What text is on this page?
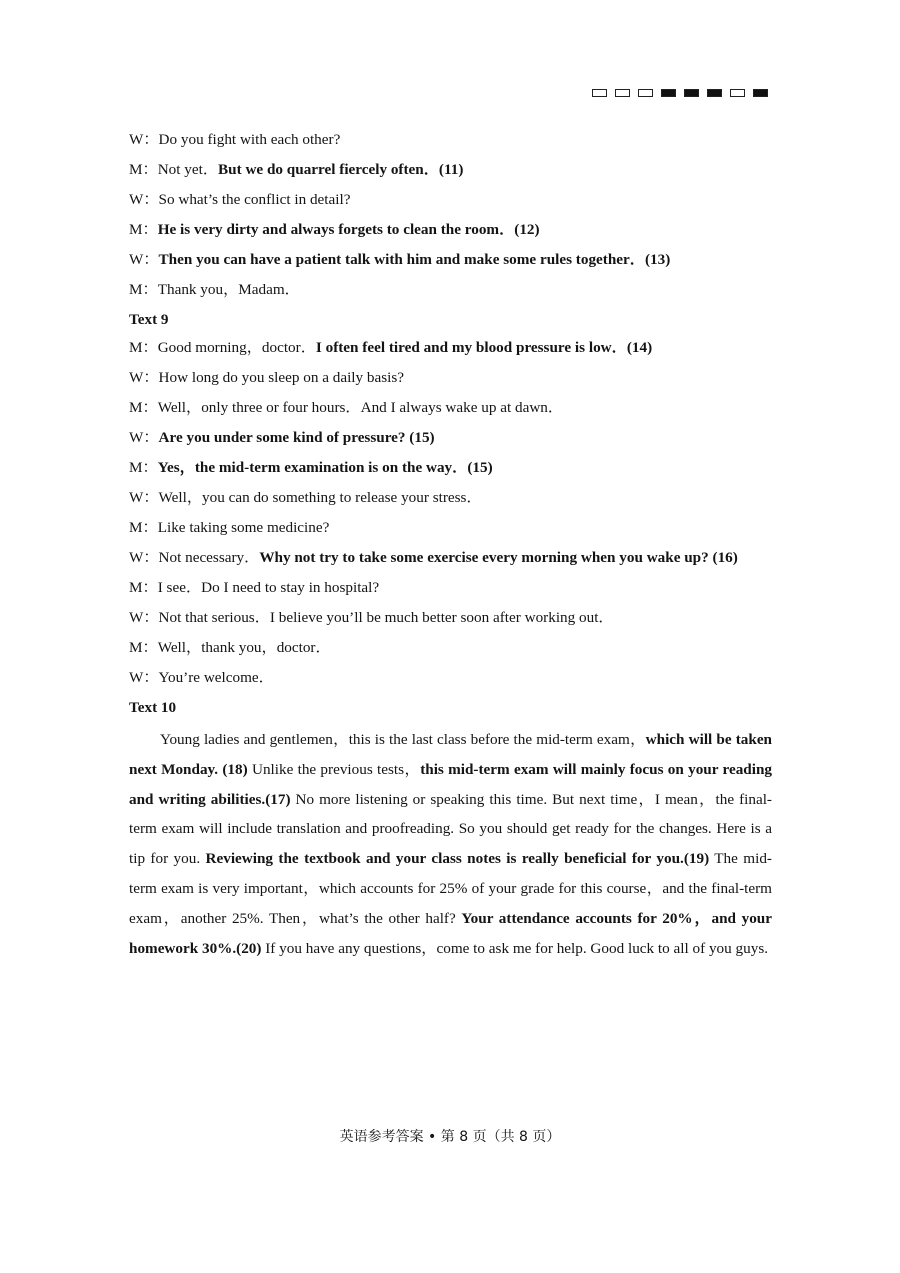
W：Do you fight with each other?
M：Not yet．But we do quarrel fiercely often．(11)
W：So what’s the conflict in detail?
M：He is very dirty and always forgets to clean the room．(12)
W：Then you can have a patient talk with him and make some rules together．(13)
M：Thank you，Madam．
Text 9
M：Good morning，doctor．I often feel tired and my blood pressure is low．(14)
W：How long do you sleep on a daily basis?
M：Well，only three or four hours．And I always wake up at dawn．
W：Are you under some kind of pressure? (15)
M：Yes，the mid-term examination is on the way．(15)
W：Well，you can do something to release your stress．
M：Like taking some medicine?
W：Not necessary．Why not try to take some exercise every morning when you wake up? (16)
M：I see．Do I need to stay in hospital?
W：Not that serious．I believe you’ll be much better soon after working out．
M：Well，thank you，doctor．
W：You’re welcome．
Text 10

Young ladies and gentlemen，this is the last class before the mid-term exam，which will be taken next Monday. (18) Unlike the previous tests，this mid-term exam will mainly focus on your reading and writing abilities.(17) No more listening or speaking this time. But next time，I mean，the final-term exam will include translation and proofreading. So you should get ready for the changes. Here is a tip for you. Reviewing the textbook and your class notes is really beneficial for you.(19) The mid-term exam is very important，which accounts for 25% of your grade for this course，and the final-term exam，another 25%. Then，what’s the other half? Your attendance accounts for 20%，and your homework 30%.(20) If you have any questions，come to ask me for help. Good luck to all of you guys.

英语参考答案 • 第 8 页（共 8 页）
